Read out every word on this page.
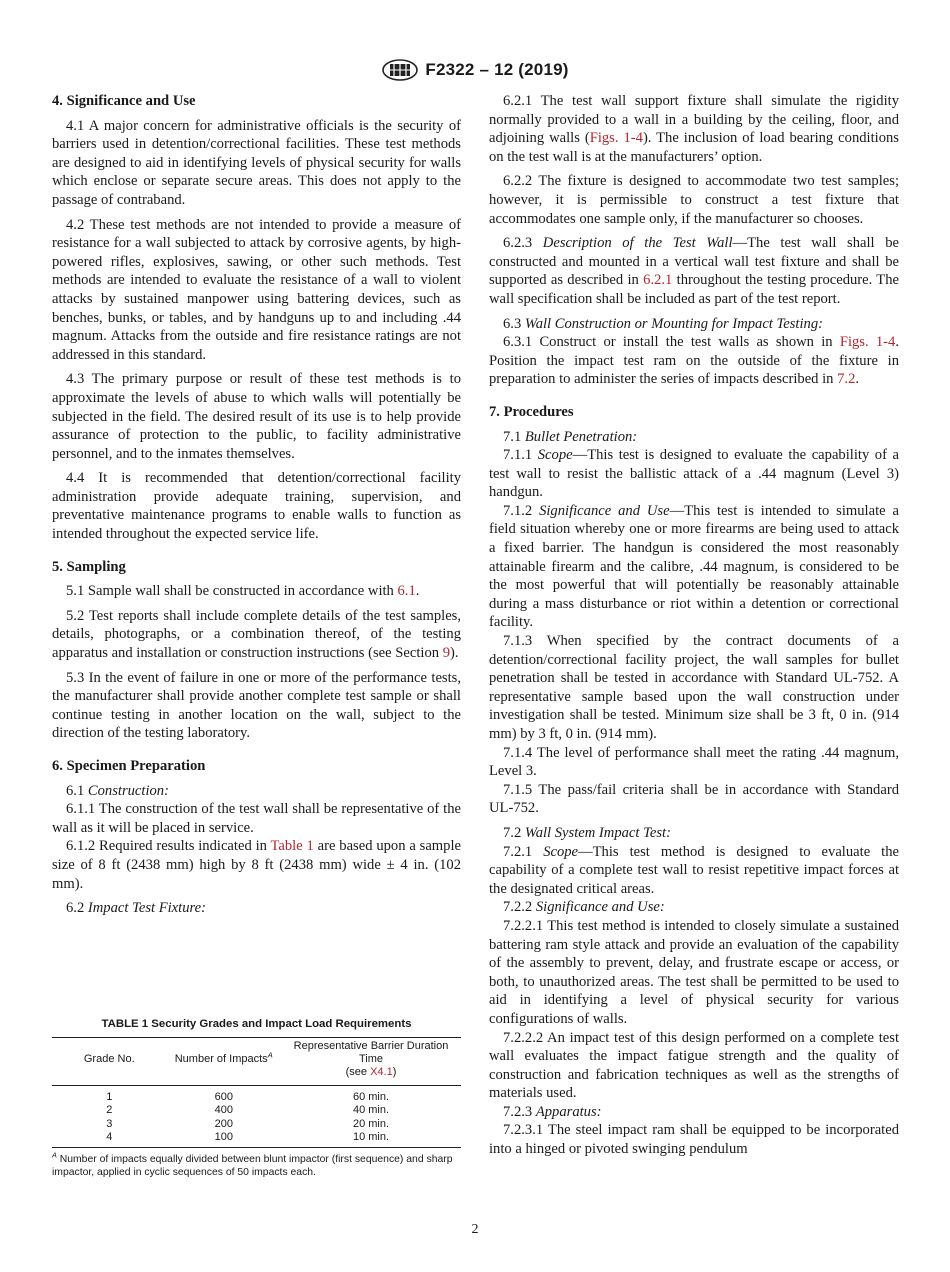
F2322 – 12 (2019)
4. Significance and Use

4.1 A major concern for administrative officials is the security of barriers used in detention/correctional facilities. These test methods are designed to aid in identifying levels of physical security for walls which enclose or separate secure areas. This does not apply to the passage of contraband.

4.2 These test methods are not intended to provide a measure of resistance for a wall subjected to attack by corrosive agents, by high-powered rifles, explosives, sawing, or other such methods. Test methods are intended to evaluate the resistance of a wall to violent attacks by sustained manpower using battering devices, such as benches, bunks, or tables, and by handguns up to and including .44 magnum. Attacks from the outside and fire resistance ratings are not addressed in this standard.

4.3 The primary purpose or result of these test methods is to approximate the levels of abuse to which walls will potentially be subjected in the field. The desired result of its use is to help provide assurance of protection to the public, to facility administrative personnel, and to the inmates themselves.

4.4 It is recommended that detention/correctional facility administration provide adequate training, supervision, and preventative maintenance programs to enable walls to function as intended throughout the expected service life.

5. Sampling

5.1 Sample wall shall be constructed in accordance with 6.1.

5.2 Test reports shall include complete details of the test samples, details, photographs, or a combination thereof, of the testing apparatus and installation or construction instructions (see Section 9).

5.3 In the event of failure in one or more of the performance tests, the manufacturer shall provide another complete test sample or shall continue testing in another location on the wall, subject to the direction of the testing laboratory.

6. Specimen Preparation

6.1 Construction:

6.1.1 The construction of the test wall shall be representative of the wall as it will be placed in service.

6.1.2 Required results indicated in Table 1 are based upon a sample size of 8 ft (2438 mm) high by 8 ft (2438 mm) wide ± 4 in. (102 mm).

6.2 Impact Test Fixture:

TABLE 1 Security Grades and Impact Load Requirements
Grade No.	Number of Impacts$^A$	Representative Barrier Duration Time
(see X4.1)
1	600	60 min.
2	400	40 min.
3	200	20 min.
4	100	10 min.
$^A$ Number of impacts equally divided between blunt impactor (first sequence) and sharp impactor, applied in cyclic sequences of 50 impacts each.

6.2.1 The test wall support fixture shall simulate the rigidity normally provided to a wall in a building by the ceiling, floor, and adjoining walls (Figs. 1-4). The inclusion of load bearing conditions on the test wall is at the manufacturers’ option.

6.2.2 The fixture is designed to accommodate two test samples; however, it is permissible to construct a test fixture that accommodates one sample only, if the manufacturer so chooses.

6.2.3 Description of the Test Wall—The test wall shall be constructed and mounted in a vertical wall test fixture and shall be supported as described in 6.2.1 throughout the testing procedure. The wall specification shall be included as part of the test report.

6.3 Wall Construction or Mounting for Impact Testing:

6.3.1 Construct or install the test walls as shown in Figs. 1-4. Position the impact test ram on the outside of the fixture in preparation to administer the series of impacts described in 7.2.

7. Procedures

7.1 Bullet Penetration:

7.1.1 Scope—This test is designed to evaluate the capability of a test wall to resist the ballistic attack of a .44 magnum (Level 3) handgun.

7.1.2 Significance and Use—This test is intended to simulate a field situation whereby one or more firearms are being used to attack a fixed barrier. The handgun is considered the most reasonably attainable firearm and the calibre, .44 magnum, is considered to be the most powerful that will potentially be reasonably attainable during a mass disturbance or riot within a detention or correctional facility.

7.1.3 When specified by the contract documents of a detention/correctional facility project, the wall samples for bullet penetration shall be tested in accordance with Standard UL-752. A representative sample based upon the wall construction under investigation shall be tested. Minimum size shall be 3 ft, 0 in. (914 mm) by 3 ft, 0 in. (914 mm).

7.1.4 The level of performance shall meet the rating .44 magnum, Level 3.

7.1.5 The pass/fail criteria shall be in accordance with Standard UL-752.

7.2 Wall System Impact Test:

7.2.1 Scope—This test method is designed to evaluate the capability of a complete test wall to resist repetitive impact forces at the designated critical areas.

7.2.2 Significance and Use:

7.2.2.1 This test method is intended to closely simulate a sustained battering ram style attack and provide an evaluation of the capability of the assembly to prevent, delay, and frustrate escape or access, or both, to unauthorized areas. The test shall be permitted to be used to aid in identifying a level of physical security for various configurations of walls.

7.2.2.2 An impact test of this design performed on a complete test wall evaluates the impact fatigue strength and the quality of construction and fabrication techniques as well as the strengths of materials used.

7.2.3 Apparatus:

7.2.3.1 The steel impact ram shall be equipped to be incorporated into a hinged or pivoted swinging pendulum

2
